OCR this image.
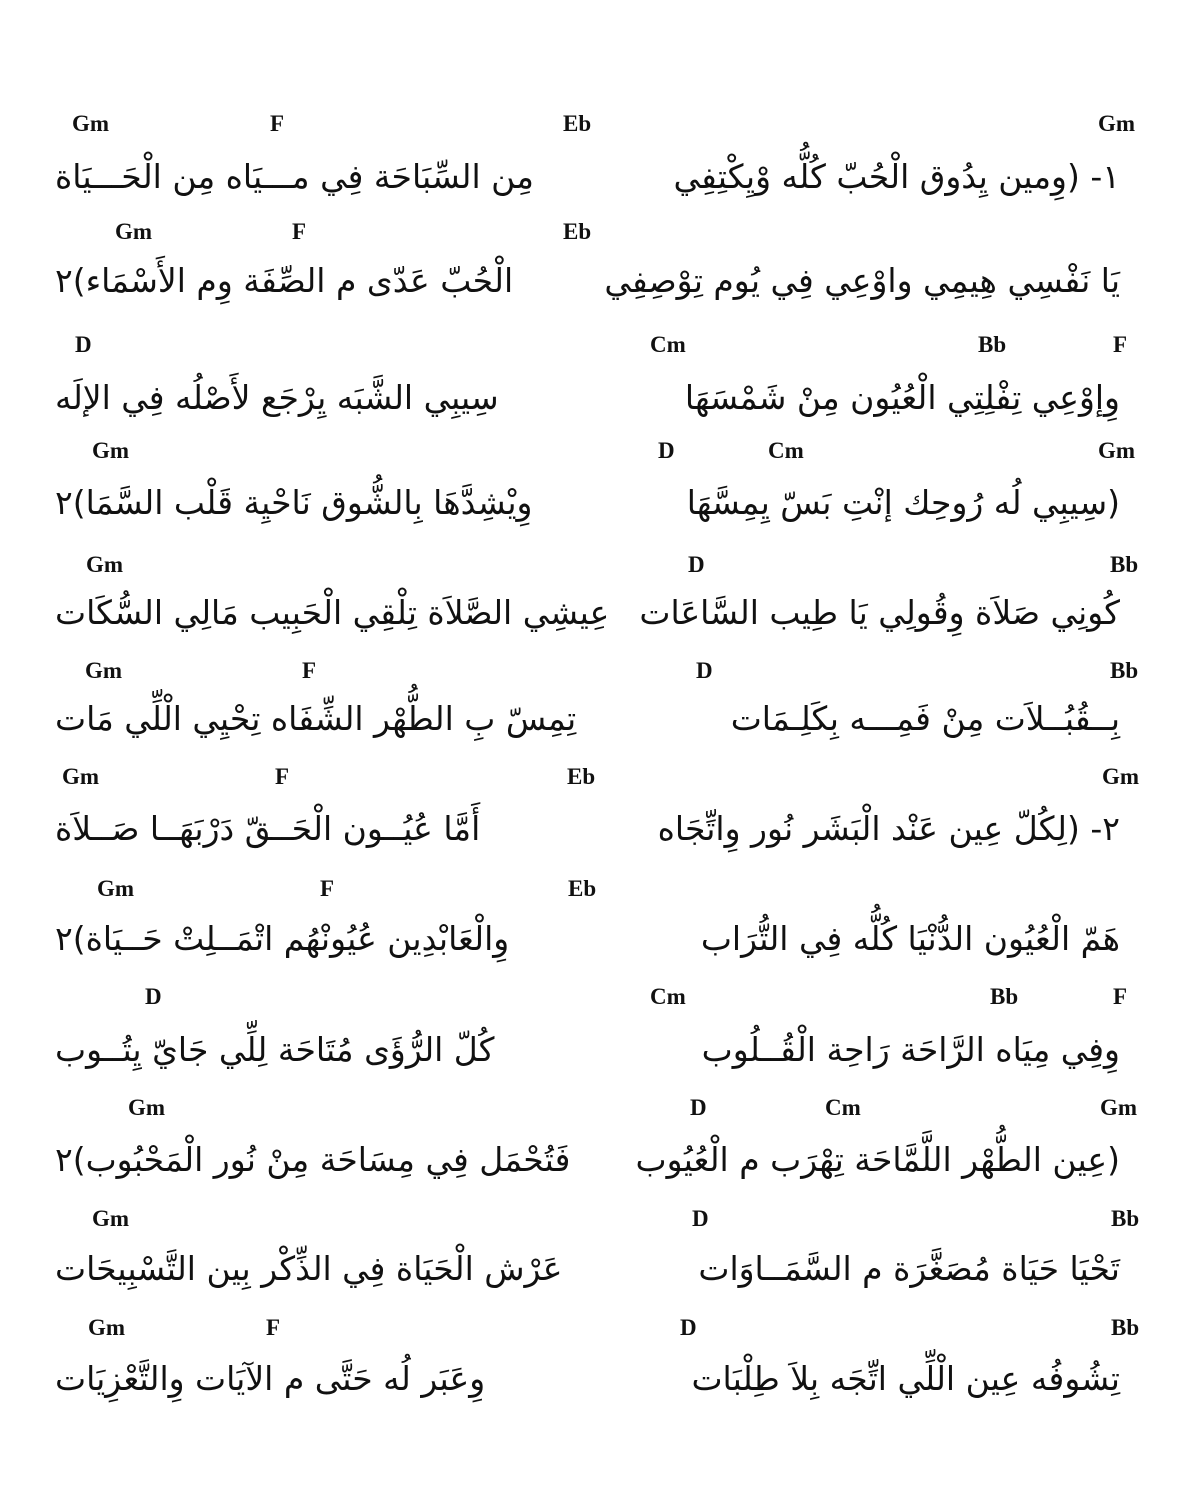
Gm
١- (وِمين يِدُوق الْحُبّ كُلُّه وْيِكْتِفِي
Gm	F	Eb
مِن السِّبَاحَة فِي مـــيَاه مِن الْحَـــيَاة
يَا نَفْسِي هِيمِي واوْعِي فِي يُوم تِوْصِفِي
Gm	F	Eb
الْحُبّ عَدّى م الصِّفَة وِم الأَسْمَاء)٢
Cm	Bb	F
وِإوْعِي تِفْلِتِي الْعُيُون مِنْ شَمْسَهَا
D
سِيبِي الشَّبَه يِرْجَع لأَصْلُه فِي الإلَه
D	Cm	Gm
(سِيبِي لُه رُوحِك إنْتِ بَسّ يِمِسَّهَا
Gm
وِيْشِدَّهَا بِالشُّوق نَاحْيِة قَلْب السَّمَا)٢
D	Bb
كُونِي صَلاَة وِقُولِي يَا طِيب السَّاعَات
Gm
عِيشِي الصَّلاَة تِلْقِي الْحَبِيب مَالِي السُّكَات
D	Bb
بِــقُبُــلاَت مِنْ فَمِـــه بِكَلِـمَات
Gm	F
تِمِسّ بِ الطُّهْر الشِّفَاه تِحْيِي الْلِّي مَات
Gm
٢- (لِكُلّ عِين عَنْد الْبَشَر نُور وِاتِّجَاه
Gm	F	Eb
أَمَّا عُيُــون الْحَــقّ دَرْبَهَــا صَــلاَة
هَمّ الْعُيُون الدُّنْيَا كُلُّه فِي التُّرَاب
Gm	F	Eb
وِالْعَابْدِين عُيُونْهُم اتْمَــلِتْ حَــيَاة)٢
Cm	Bb	F
وِفِي مِيَاه الرَّاحَة رَاحِة الْقُــلُوب
D
كُلّ الرُّؤَى مُتَاحَة لِلِّي جَايّ يِتُــوب
D	Cm	Gm
(عِين الطُّهْر اللَّمَّاحَة تِهْرَب م الْعُيُوب
Gm
فَتُحْمَل فِي مِسَاحَة مِنْ نُور الْمَحْبُوب)٢
D	Bb
تَحْيَا حَيَاة مُصَغَّرَة م السَّمَــاوَات
Gm
عَرْش الْحَيَاة فِي الذِّكْر بِين التَّسْبِيحَات
D	Bb
تِشُوفُه عِين الْلِّي اتِّجَه بِلاَ طِلْبَات
Gm	F
وِعَبَر لُه حَتَّى م الآيَات وِالتَّعْزِيَات
